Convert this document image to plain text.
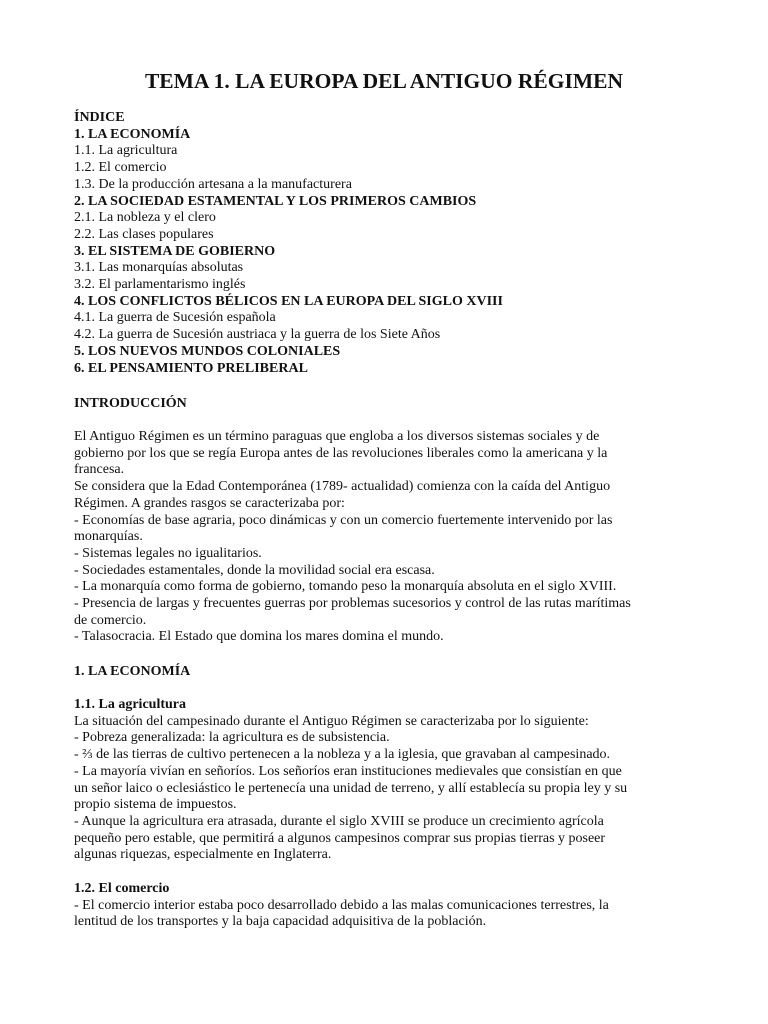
TEMA 1. LA EUROPA DEL ANTIGUO RÉGIMEN
ÍNDICE
1. LA ECONOMÍA
1.1. La agricultura
1.2. El comercio
1.3. De la producción artesana a la manufacturera
2. LA SOCIEDAD ESTAMENTAL Y LOS PRIMEROS CAMBIOS
2.1. La nobleza y el clero
2.2. Las clases populares
3. EL SISTEMA DE GOBIERNO
3.1. Las monarquías absolutas
3.2. El parlamentarismo inglés
4. LOS CONFLICTOS BÉLICOS EN LA EUROPA DEL SIGLO XVIII
4.1. La guerra de Sucesión española
4.2. La guerra de Sucesión austriaca y la guerra de los Siete Años
5. LOS NUEVOS MUNDOS COLONIALES
6. EL PENSAMIENTO PRELIBERAL
INTRODUCCIÓN
El Antiguo Régimen es un término paraguas que engloba a los diversos sistemas sociales y de
gobierno por los que se regía Europa antes de las revoluciones liberales como la americana y la
francesa.
Se considera que la Edad Contemporánea (1789- actualidad) comienza con la caída del Antiguo
Régimen. A grandes rasgos se caracterizaba por:
- Economías de base agraria, poco dinámicas y con un comercio fuertemente intervenido por las
monarquías.
- Sistemas legales no igualitarios.
- Sociedades estamentales, donde la movilidad social era escasa.
- La monarquía como forma de gobierno, tomando peso la monarquía absoluta en el siglo XVIII.
- Presencia de largas y frecuentes guerras por problemas sucesorios y control de las rutas marítimas
de comercio.
- Talasocracia. El Estado que domina los mares domina el mundo.
1. LA ECONOMÍA
1.1. La agricultura
La situación del campesinado durante el Antiguo Régimen se caracterizaba por lo siguiente:
- Pobreza generalizada: la agricultura es de subsistencia.
- ⅔ de las tierras de cultivo pertenecen a la nobleza y a la iglesia, que gravaban al campesinado.
- La mayoría vivían en señoríos. Los señoríos eran instituciones medievales que consistían en que
un señor laico o eclesiástico le pertenecía una unidad de terreno, y allí establecía su propia ley y su
propio sistema de impuestos.
- Aunque la agricultura era atrasada, durante el siglo XVIII se produce un crecimiento agrícola
pequeño pero estable, que permitirá a algunos campesinos comprar sus propias tierras y poseer
algunas riquezas, especialmente en Inglaterra.
1.2. El comercio
- El comercio interior estaba poco desarrollado debido a las malas comunicaciones terrestres, la
lentitud de los transportes y la baja capacidad adquisitiva de la población.
